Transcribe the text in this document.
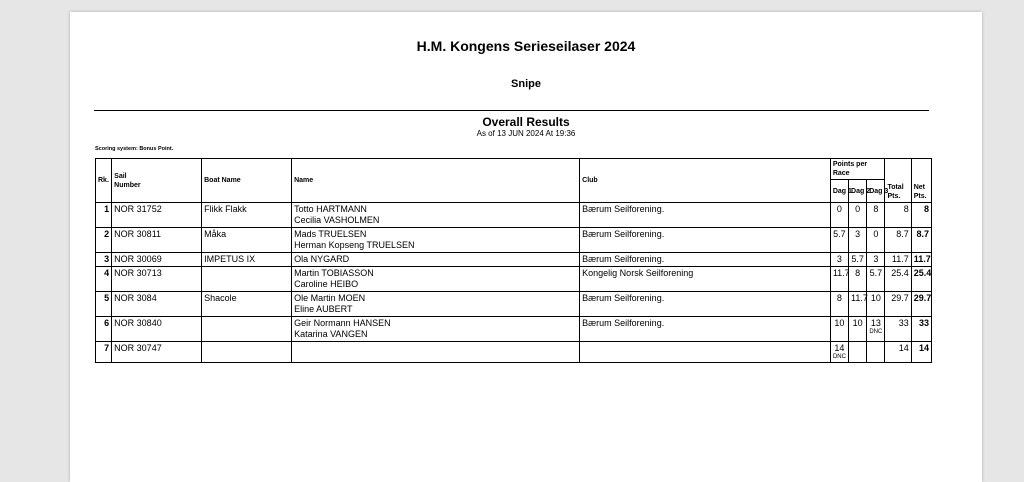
H.M. Kongens Serieseilaser 2024
Snipe
Overall Results
As of 13 JUN 2024 At 19:36
Scoring system: Bonus Point.
Rk.	Sail
Number	Boat Name	Name	Club	Points per Race			Total
Pts.	Net
Pts.

					Dag 1	Dag 2	Dag 3		
1	NOR 31752	Flikk Flakk	Totto HARTMANN
Cecilia VASHOLMEN	Bærum Seilforening.	0	0	8	8	8
2	NOR 30811	Måka	Mads TRUELSEN
Herman Kopseng TRUELSEN	Bærum Seilforening.	5.7	3	0	8.7	8.7
3	NOR 30069	IMPETUS IX	Ola NYGARD	Bærum Seilforening.	3	5.7	3	11.7	11.7
4	NOR 30713		Martin TOBIASSON
Caroline HEIBO	Kongelig Norsk Seilforening	11.7	8	5.7	25.4	25.4
5	NOR 3084	Shacole	Ole Martin MOEN
Eline AUBERT	Bærum Seilforening.	8	11.7	10	29.7	29.7
6	NOR 30840		Geir Normann HANSEN
Katarina VANGEN	Bærum Seilforening.	10	10	13
DNC	33	33
7	NOR 30747				14
DNC			14	14
